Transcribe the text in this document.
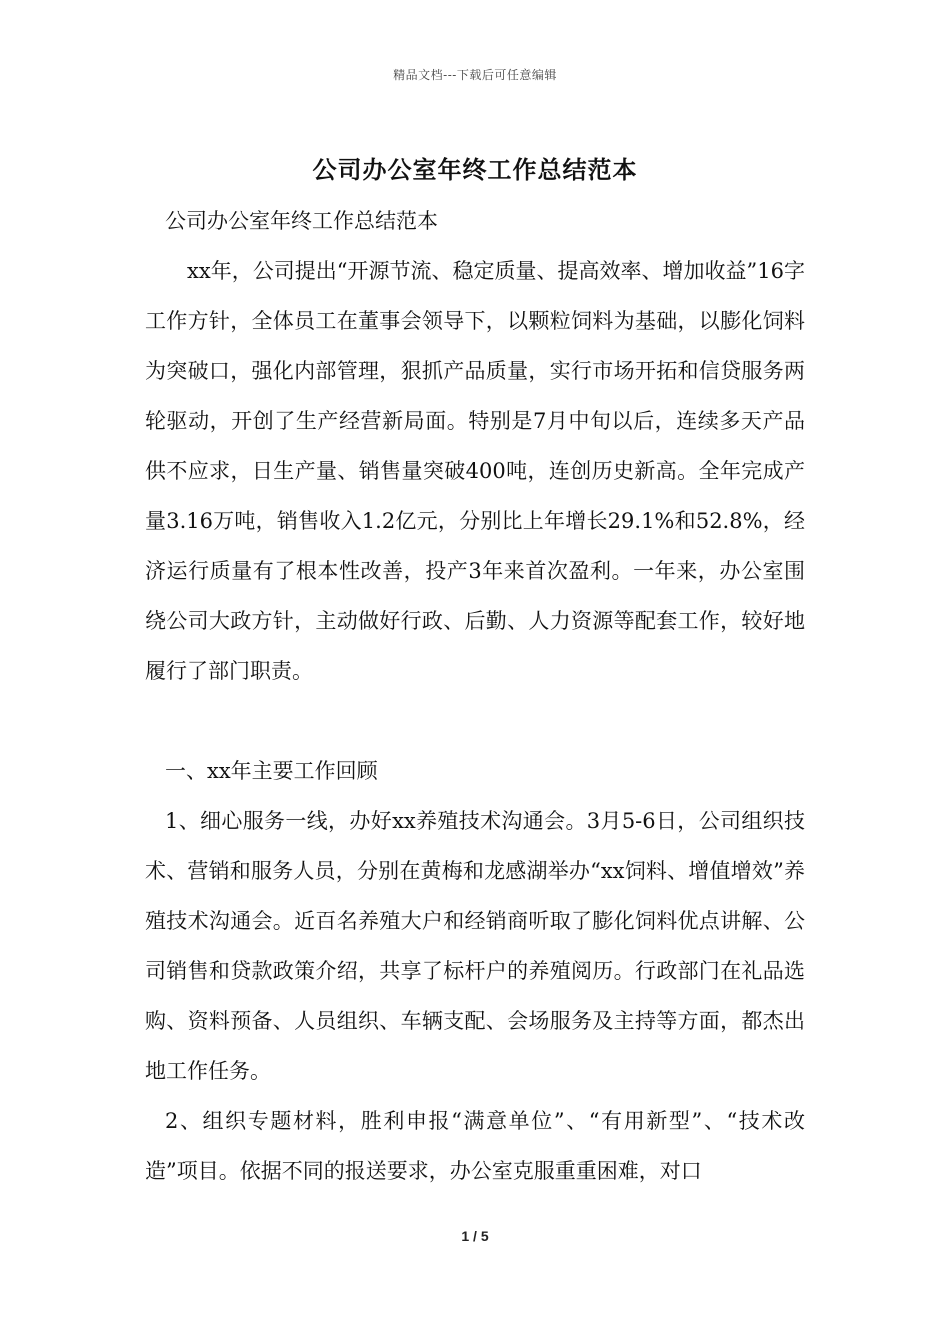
精品文档---下载后可任意编辑
公司办公室年终工作总结范本

公司办公室年终工作总结范本

xx年，公司提出“开源节流、稳定质量、提高效率、增加收益”16字工作方针，全体员工在董事会领导下，以颗粒饲料为基础，以膨化饲料为突破口，强化内部管理，狠抓产品质量，实行市场开拓和信贷服务两轮驱动，开创了生产经营新局面。特别是7月中旬以后，连续多天产品供不应求，日生产量、销售量突破400吨，连创历史新高。全年完成产量3.16万吨，销售收入1.2亿元，分别比上年增长29.1%和52.8%，经济运行质量有了根本性改善，投产3年来首次盈利。一年来，办公室围绕公司大政方针，主动做好行政、后勤、人力资源等配套工作，较好地履行了部门职责。

一、xx年主要工作回顾

1、细心服务一线，办好xx养殖技术沟通会。3月5-6日，公司组织技术、营销和服务人员，分别在黄梅和龙感湖举办“xx饲料、增值增效”养殖技术沟通会。近百名养殖大户和经销商听取了膨化饲料优点讲解、公司销售和贷款政策介绍，共享了标杆户的养殖阅历。行政部门在礼品选购、资料预备、人员组织、车辆支配、会场服务及主持等方面，都杰出地工作任务。

2、组织专题材料，胜利申报“满意单位”、“有用新型”、“技术改造”项目。依据不同的报送要求，办公室克服重重困难，对口

1 / 5
